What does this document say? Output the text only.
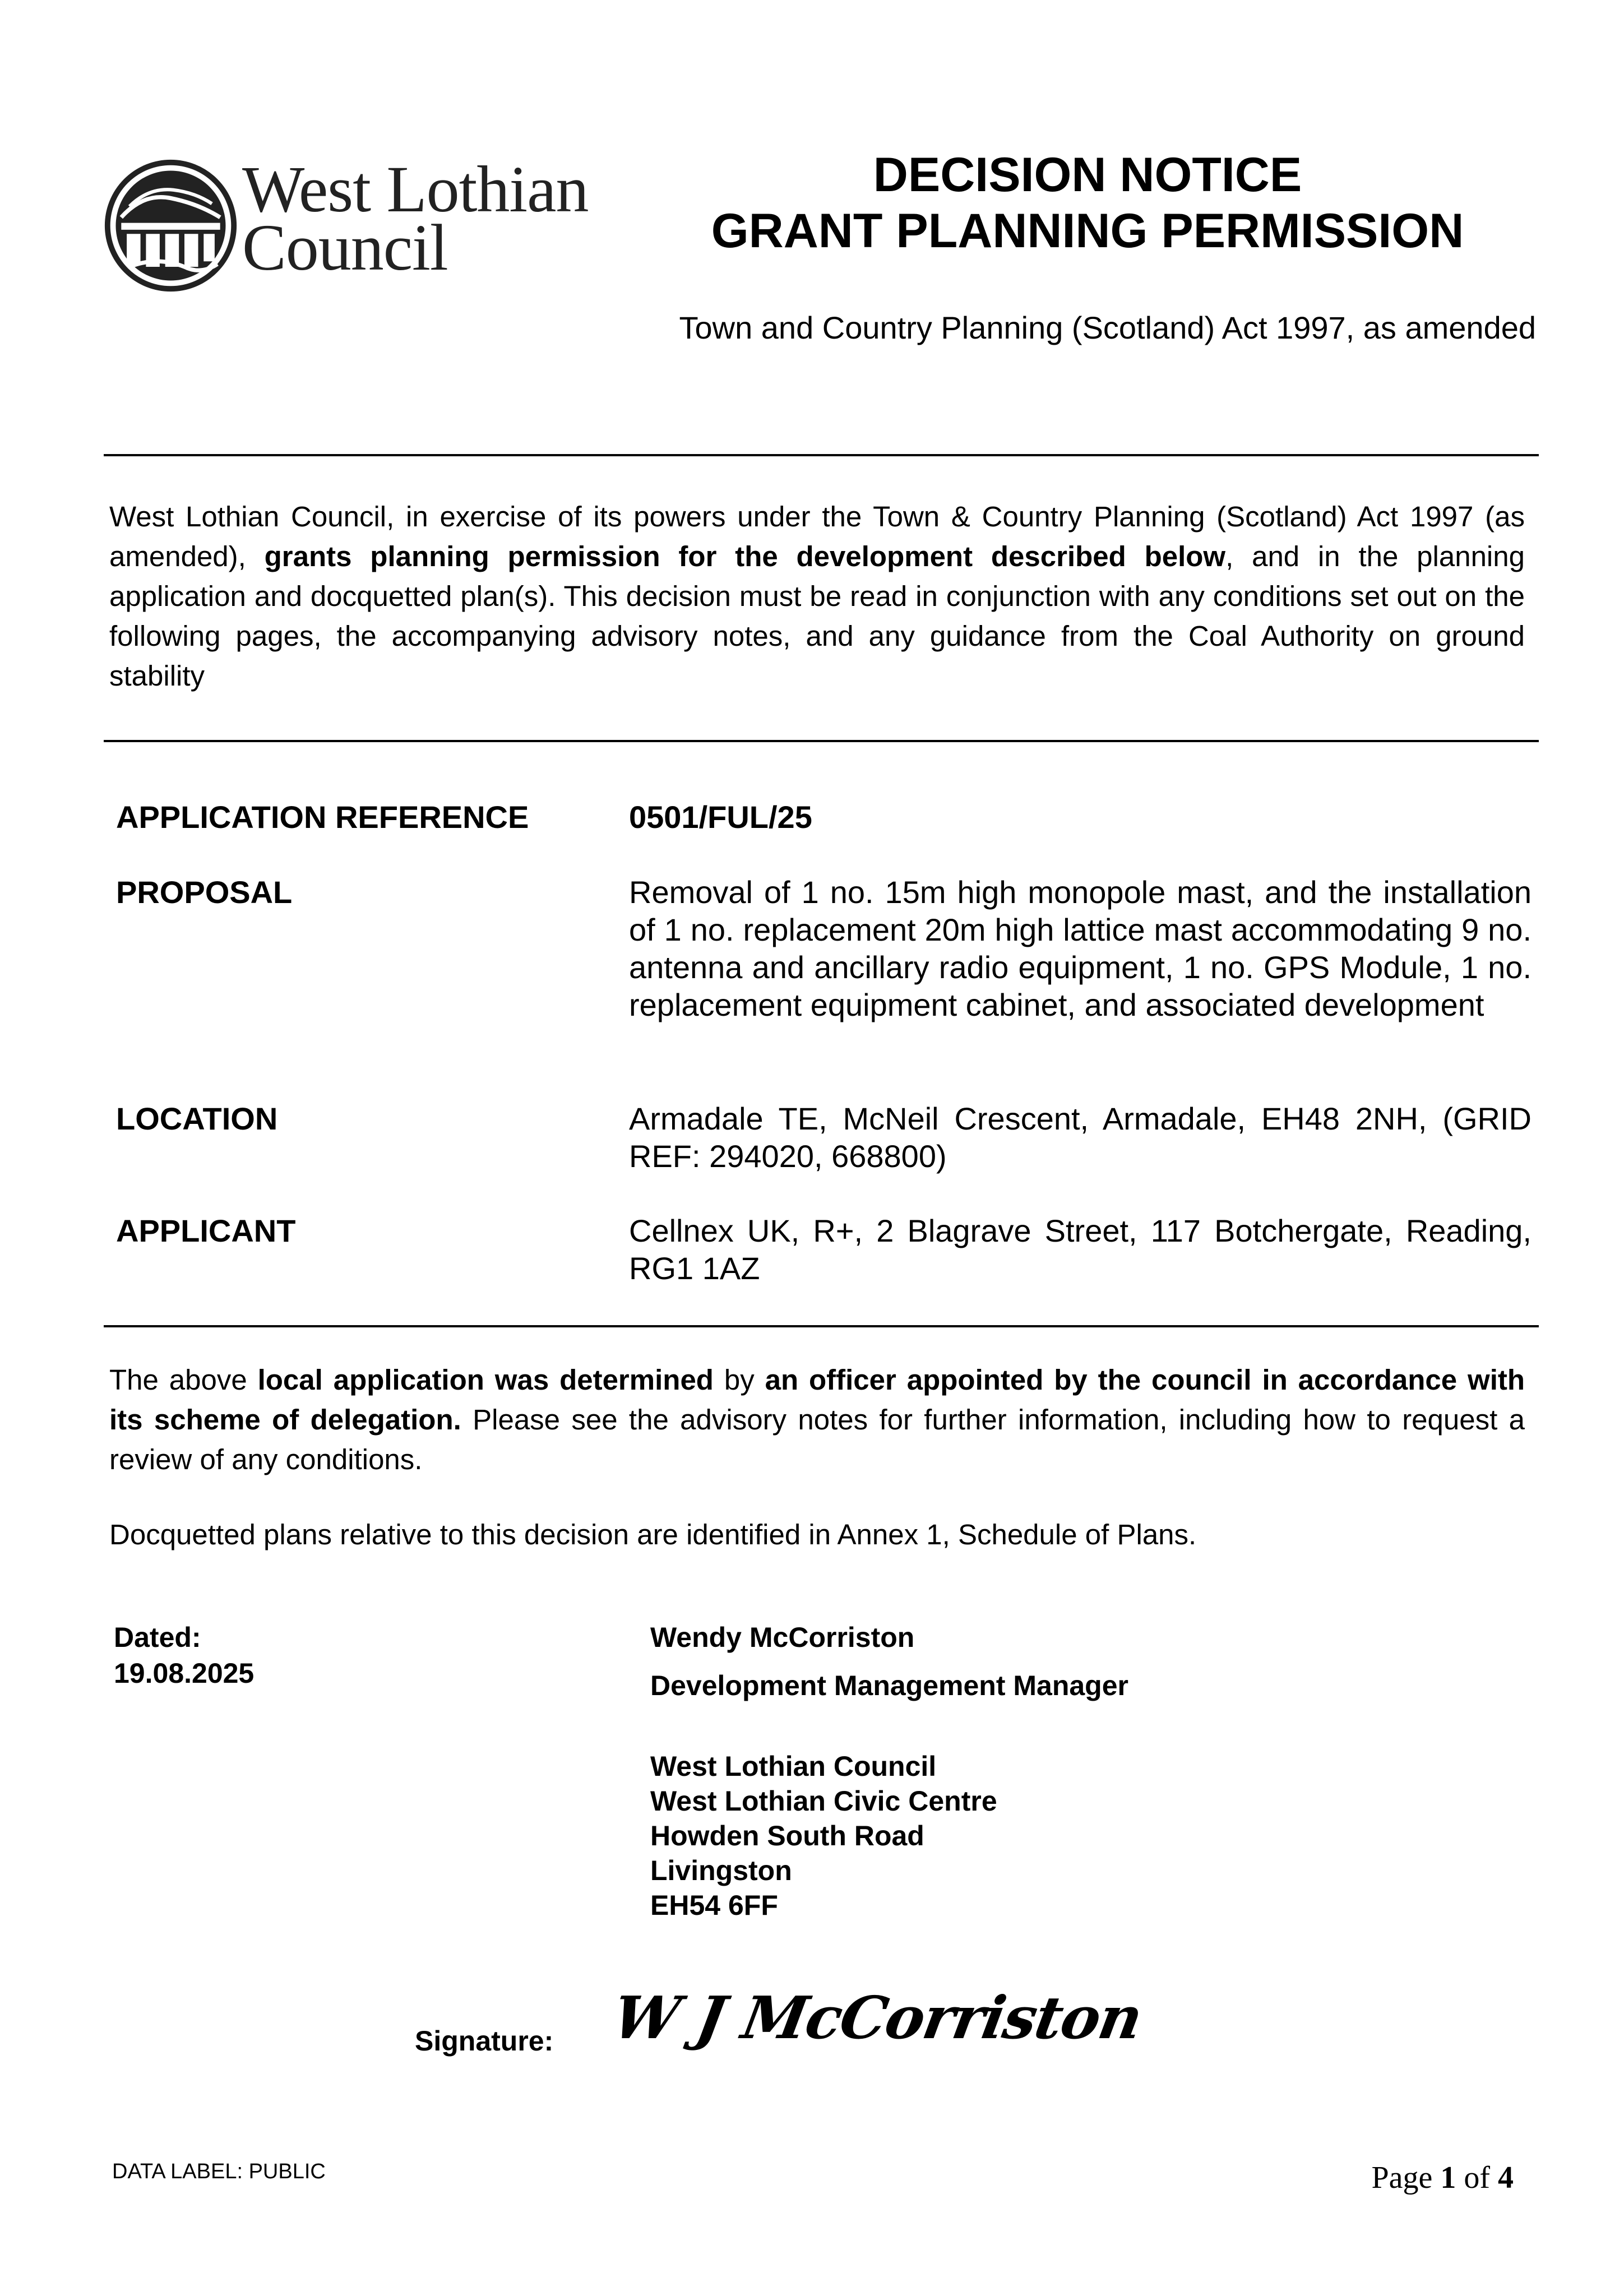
West Lothian
Council
DECISION NOTICE
GRANT PLANNING PERMISSION
Town and Country Planning (Scotland) Act 1997, as amended
West Lothian Council, in exercise of its powers under the Town & Country Planning (Scotland) Act 1997 (as amended), grants planning permission for the development described below, and in the planning application and docquetted plan(s). This decision must be read in conjunction with any conditions set out on the following pages, the accompanying advisory notes, and any guidance from the Coal Authority on ground stability
APPLICATION REFERENCE	0501/FUL/25
PROPOSAL	Removal of 1 no. 15m high monopole mast, and the installation of 1 no. replacement 20m high lattice mast accommodating 9 no. antenna and ancillary radio equipment, 1 no. GPS Module, 1 no. replacement equipment cabinet, and associated development
LOCATION	Armadale TE, McNeil Crescent, Armadale, EH48 2NH, (GRID REF: 294020, 668800)
APPLICANT	Cellnex UK, R+, 2 Blagrave Street, 117 Botchergate, Reading, RG1 1AZ
The above local application was determined by an officer appointed by the council in accordance with its scheme of delegation. Please see the advisory notes for further information, including how to request a review of any conditions.
Docquetted plans relative to this decision are identified in Annex 1, Schedule of Plans.
Dated:
19.08.2025
Wendy McCorriston
Development Management Manager
West Lothian Council
West Lothian Civic Centre
Howden South Road
Livingston
EH54 6FF
Signature: W J McCorriston
DATA LABEL: PUBLIC	Page 1 of 4
